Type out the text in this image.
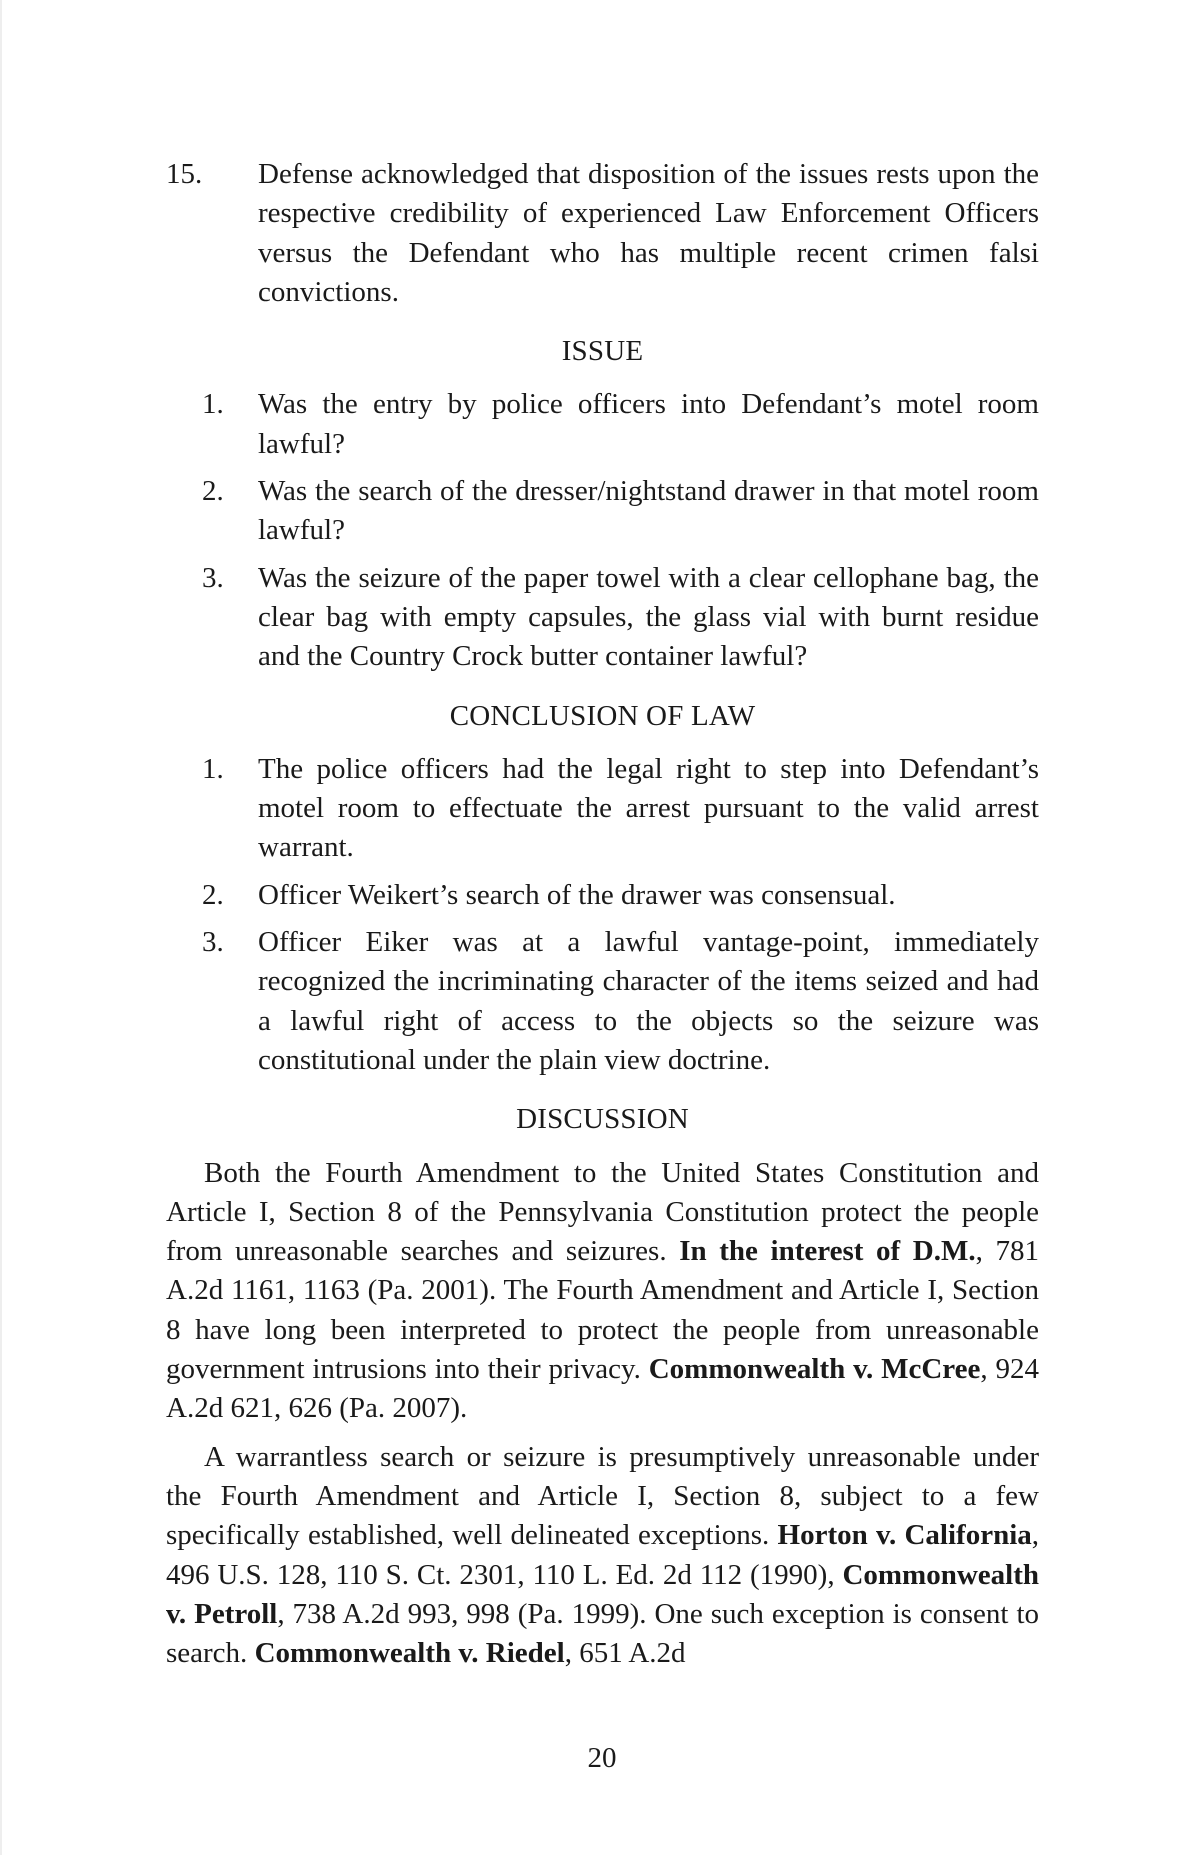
15.	Defense acknowledged that disposition of the issues rests upon the respective credibility of experienced Law Enforcement Officers versus the Defendant who has multiple recent crimen falsi convictions.
ISSUE
1.	Was the entry by police officers into Defendant’s motel room lawful?
2.	Was the search of the dresser/nightstand drawer in that motel room lawful?
3.	Was the seizure of the paper towel with a clear cellophane bag, the clear bag with empty capsules, the glass vial with burnt residue and the Country Crock butter container lawful?
CONCLUSION OF LAW
1.	The police officers had the legal right to step into Defendant’s motel room to effectuate the arrest pursuant to the valid arrest warrant.
2.	Officer Weikert’s search of the drawer was consensual.
3.	Officer Eiker was at a lawful vantage-point, immediately recognized the incriminating character of the items seized and had a lawful right of access to the objects so the seizure was constitutional under the plain view doctrine.
DISCUSSION

Both the Fourth Amendment to the United States Constitution and Article I, Section 8 of the Pennsylvania Constitution protect the people from unreasonable searches and seizures. In the interest of D.M., 781 A.2d 1161, 1163 (Pa. 2001). The Fourth Amendment and Article I, Section 8 have long been interpreted to protect the people from unreasonable government intrusions into their privacy. Commonwealth v. McCree, 924 A.2d 621, 626 (Pa. 2007).

A warrantless search or seizure is presumptively unreasonable under the Fourth Amendment and Article I, Section 8, subject to a few specifically established, well delineated exceptions. Horton v. California, 496 U.S. 128, 110 S. Ct. 2301, 110 L. Ed. 2d 112 (1990), Commonwealth v. Petroll, 738 A.2d 993, 998 (Pa. 1999). One such exception is consent to search. Commonwealth v. Riedel, 651 A.2d

20
